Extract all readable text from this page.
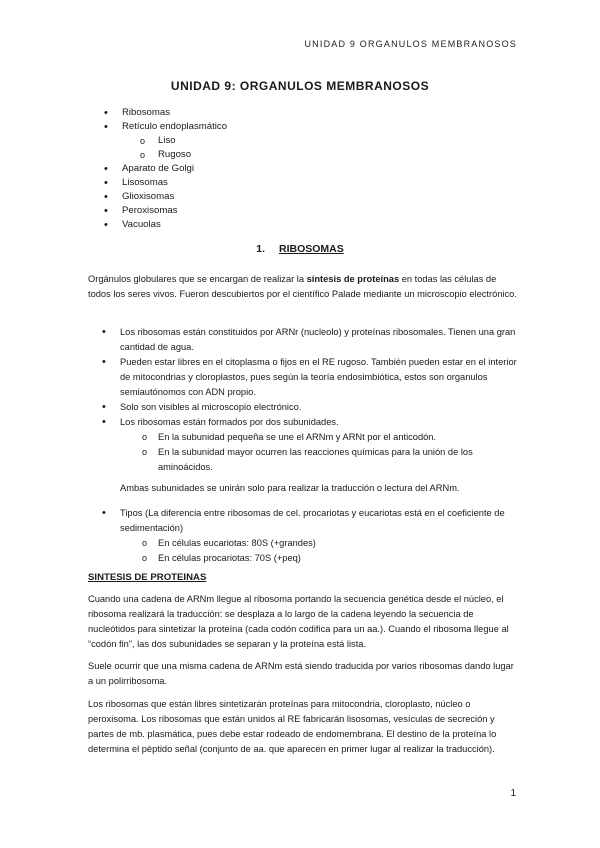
UNIDAD 9 ORGANULOS MEMBRANOSOS
UNIDAD 9: ORGANULOS MEMBRANOSOS
• Ribosomas
• Retículo endoplasmático
o Liso
o Rugoso
• Aparato de Golgi
• Lisosomas
• Glioxisomas
• Peroxisomas
• Vacuolas
1. RIBOSOMAS

Orgánulos globulares que se encargan de realizar la síntesis de proteínas en todas las células de todos los seres vivos. Fueron descubiertos por el científico Palade mediante un microscopio electrónico.

• Los ribosomas están constituidos por ARNr (nucleolo) y proteínas ribosomales. Tienen una gran cantidad de agua.
• Pueden estar libres en el citoplasma o fijos en el RE rugoso. También pueden estar en el interior de mitocondrias y cloroplastos, pues según la teoría endosimbiótica, estos son organulos semiautónomos con ADN propio.
• Solo son visibles al microscopio electrónico.
• Los ribosomas están formados por dos subunidades.
o En la subunidad pequeña se une el ARNm y ARNt por el anticodón.
o En la subunidad mayor ocurren las reacciones químicas para la unión de los aminoácidos.

Ambas subunidades se unirán solo para realizar la traducción o lectura del ARNm.

• Tipos (La diferencia entre ribosomas de cel. procariotas y eucariotas está en el coeficiente de sedimentación)
o En células eucariotas: 80S (+grandes)
o En células procariotas: 70S (+peq)
SINTESIS DE PROTEINAS

Cuando una cadena de ARNm llegue al ribosoma portando la secuencia genética desde el núcleo, el ribosoma realizará la traducción: se desplaza a lo largo de la cadena leyendo la secuencia de nucleótidos para sintetizar la proteína (cada codón codifica para un aa.). Cuando el ribosoma llegue al “codón fin”, las dos subunidades se separan y la proteína está lista.

Suele ocurrir que una misma cadena de ARNm está siendo traducida por varios ribosomas dando lugar a un polirribosoma.

Los ribosomas que están libres sintetizarán proteínas para mitocondria, cloroplasto, núcleo o peroxisoma. Los ribosomas que están unidos al RE fabricarán lisosomas, vesículas de secreción y partes de mb. plasmática, pues debe estar rodeado de endomembrana. El destino de la proteína lo determina el péptido señal (conjunto de aa. que aparecen en primer lugar al realizar la traducción).

1
